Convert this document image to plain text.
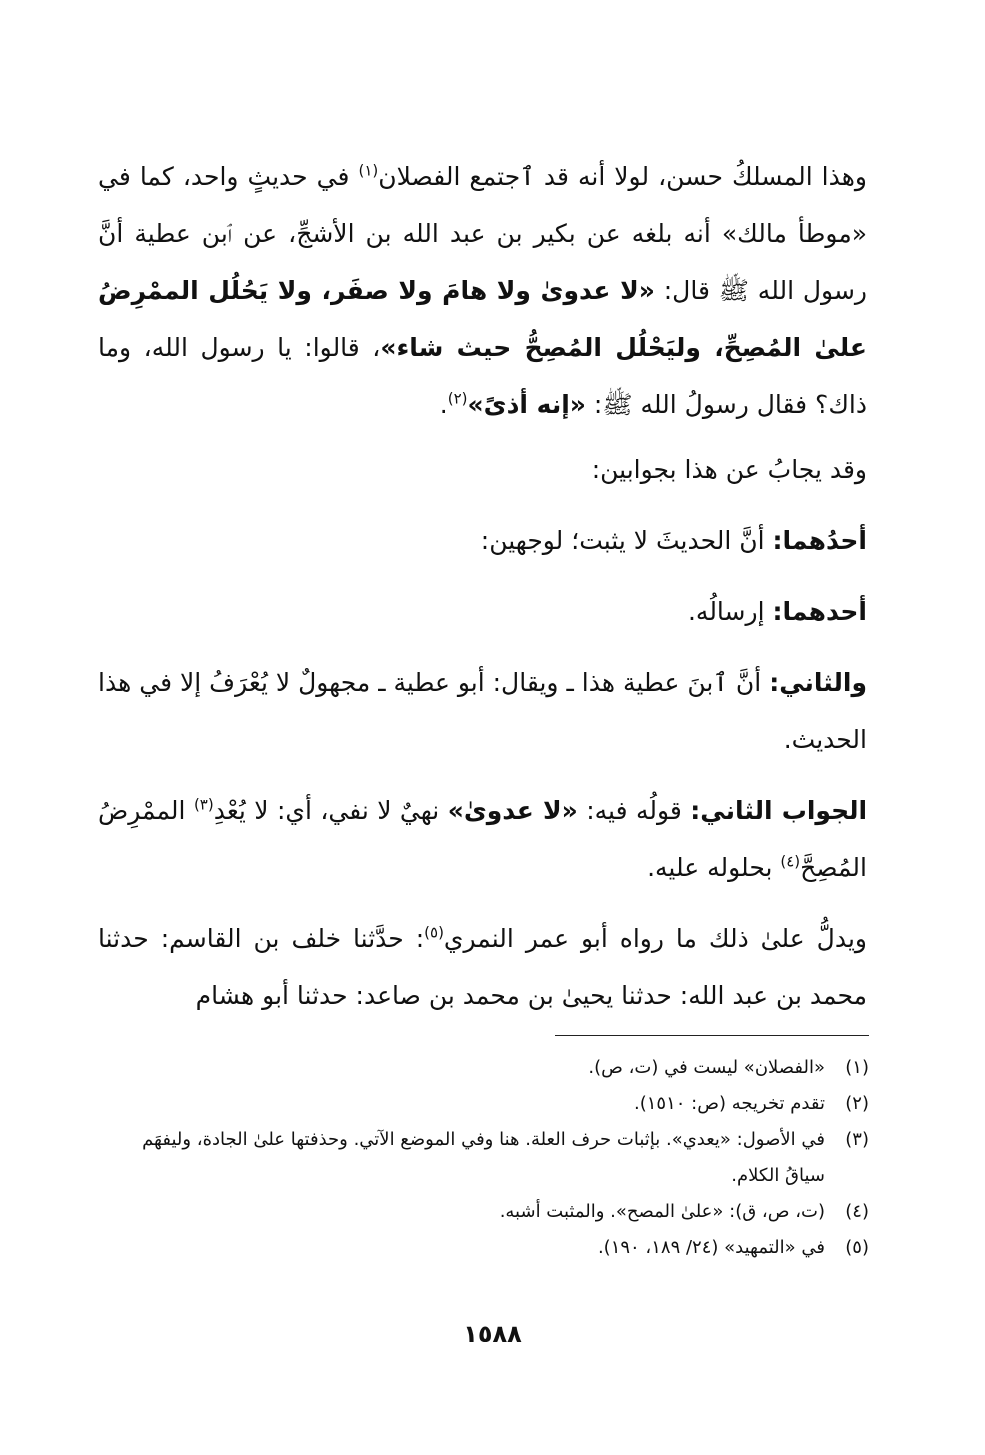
وهذا المسلكُ حسن، لولا أنه قد ٱجتمع الفصلان$^{(١)}$ في حديثٍ واحد، كما في «موطأ مالك» أنه بلغه عن بكير بن عبد الله بن الأشجِّ، عن ٱبن عطية أنَّ رسول الله ﷺ قال: «لا عدوىٰ ولا هامَ ولا صفَر، ولا يَحُلُل الممْرِضُ علىٰ المُصِحِّ، وليَحْلُل المُصِحُّ حيث شاء»، قالوا: يا رسول الله، وما ذاك؟ فقال رسولُ الله ﷺ: «إنه أذىً»$^{(٢)}$.
وقد يجابُ عن هذا بجوابين:
أحدُهما: أنَّ الحديثَ لا يثبت؛ لوجهين:
أحدهما: إرسالُه.
والثاني: أنَّ ٱبنَ عطية هذا ـ ويقال: أبو عطية ـ مجهولٌ لا يُعْرَفُ إلا في هذا الحديث.
الجواب الثاني: قولُه فيه: «لا عدوىٰ» نهيٌ لا نفي، أي: لا يُعْدِ$^{(٣)}$ الممْرِضُ المُصِحَّ$^{(٤)}$ بحلوله عليه.
ويدلُّ علىٰ ذلك ما رواه أبو عمر النمري$^{(٥)}$: حدَّثنا خلف بن القاسم: حدثنا محمد بن عبد الله: حدثنا يحيىٰ بن محمد بن صاعد: حدثنا أبو هشام
(١)
«الفصلان» ليست في (ت، ص).
(٢)
تقدم تخريجه (ص: ١٥١٠).
(٣)
في الأصول: «يعدي». بإثبات حرف العلة. هنا وفي الموضع الآتي. وحذفتها علىٰ الجادة، وليفهَم سياقُ الكلام.
(٤)
(ت، ص، ق): «علىٰ المصح». والمثبت أشبه.
(٥)
في «التمهيد» (٢٤/ ١٨٩، ١٩٠).
١٥٨٨
